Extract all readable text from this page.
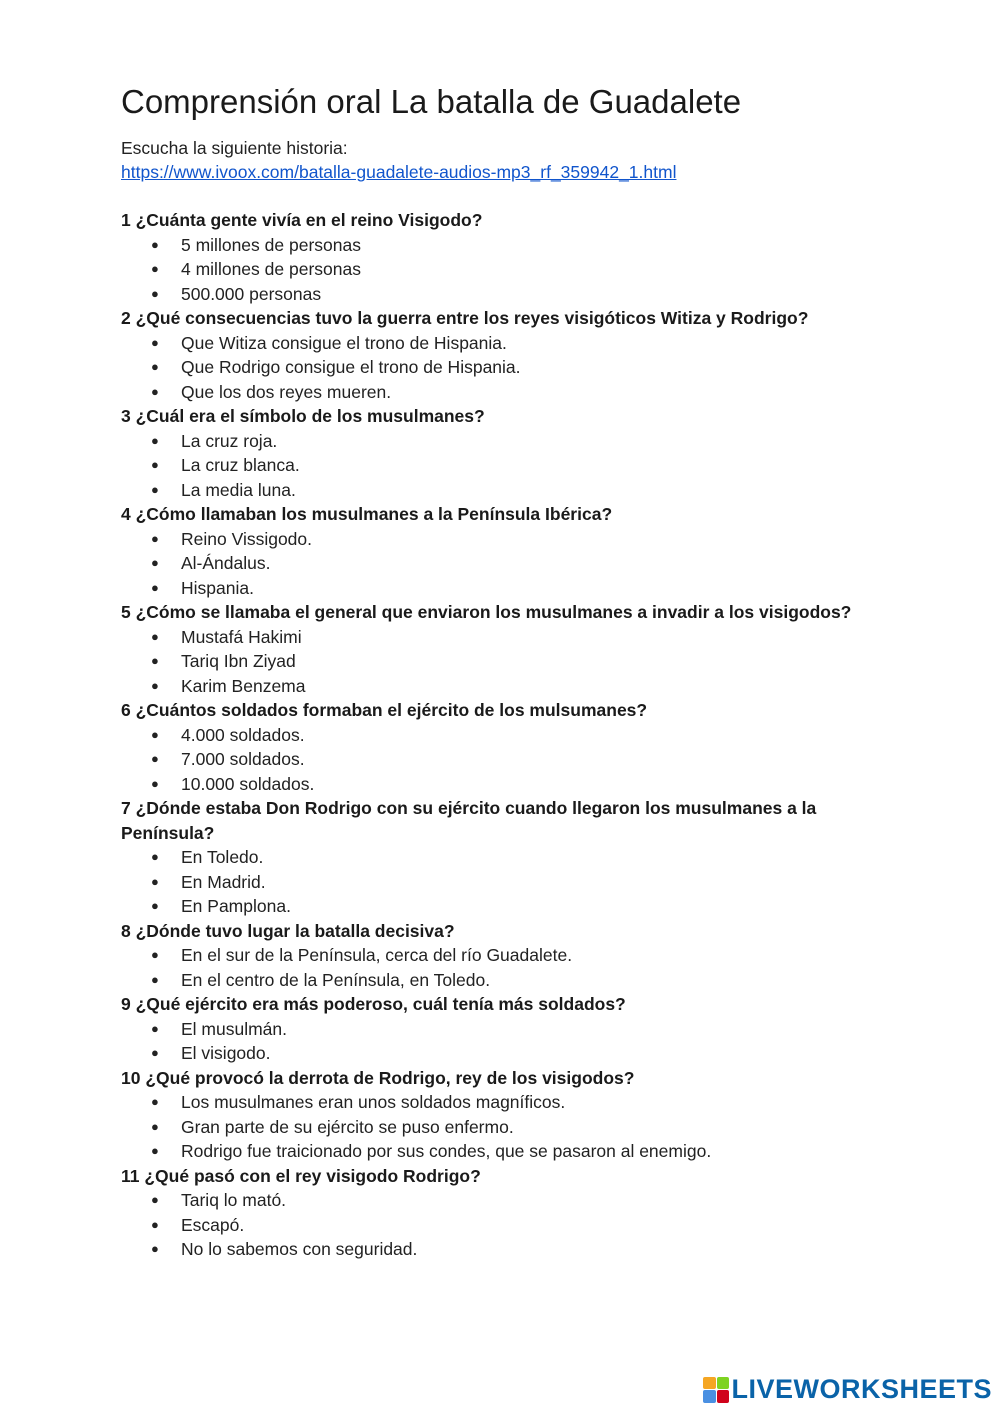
Comprensión oral La batalla de Guadalete
Escucha la siguiente historia:
https://www.ivoox.com/batalla-guadalete-audios-mp3_rf_359942_1.html
1 ¿Cuánta gente vivía en el reino Visigodo?
● 5 millones de personas
● 4 millones de personas
● 500.000 personas
2 ¿Qué consecuencias tuvo la guerra entre los reyes visigóticos Witiza y Rodrigo?
● Que Witiza consigue el trono de Hispania.
● Que Rodrigo consigue el trono de Hispania.
● Que los dos reyes mueren.
3 ¿Cuál era el símbolo de los musulmanes?
● La cruz roja.
● La cruz blanca.
● La media luna.
4 ¿Cómo llamaban los musulmanes a la Península Ibérica?
● Reino Vissigodo.
● Al-Ándalus.
● Hispania.
5 ¿Cómo se llamaba el general que enviaron los musulmanes a invadir a los visigodos?
● Mustafá Hakimi
● Tariq Ibn Ziyad
● Karim Benzema
6 ¿Cuántos soldados formaban el ejército de los mulsumanes?
● 4.000 soldados.
● 7.000 soldados.
● 10.000 soldados.
7 ¿Dónde estaba Don Rodrigo con su ejército cuando llegaron los musulmanes a la Península?
● En Toledo.
● En Madrid.
● En Pamplona.
8 ¿Dónde tuvo lugar la batalla decisiva?
● En el sur de la Península, cerca del río Guadalete.
● En el centro de la Península, en Toledo.
9 ¿Qué ejército era más poderoso, cuál tenía más soldados?
● El musulmán.
● El visigodo.
10 ¿Qué provocó la derrota de Rodrigo, rey de los visigodos?
● Los musulmanes eran unos soldados magníficos.
● Gran parte de su ejército se puso enfermo.
● Rodrigo fue traicionado por sus condes, que se pasaron al enemigo.
11 ¿Qué pasó con el rey visigodo Rodrigo?
● Tariq lo mató.
● Escapó.
● No lo sabemos con seguridad.
LIVEWORKSHEETS
